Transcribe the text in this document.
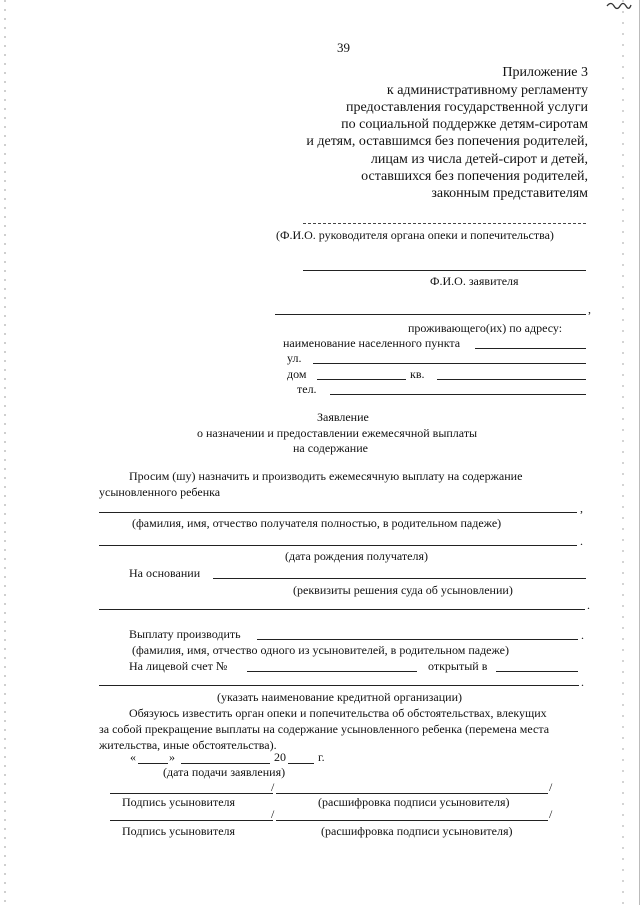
39
Приложение 3
к административному регламенту
предоставления государственной услуги
по социальной поддержке детям-сиротам
и детям, оставшимся без попечения родителей,
лицам из числа детей-сирот и детей,
оставшихся без попечения родителей,
законным представителям
(Ф.И.О. руководителя органа опеки и попечительства)
Ф.И.О. заявителя
,
проживающего(их) по адресу:
наименование населенного пункта
ул.
дом	кв.
тел.
Заявление
о назначении и предоставлении ежемесячной выплаты
на содержание
Просим (шу) назначить и производить ежемесячную выплату на содержание
усыновленного ребенка
,
(фамилия, имя, отчество получателя полностью, в родительном падеже)
.
(дата рождения получателя)
На основании
(реквизиты решения суда об усыновлении)
.
Выплату производить	.
(фамилия, имя, отчество одного из усыновителей, в родительном падеже)
На лицевой счет №	открытый в
.
(указать наименование кредитной организации)
Обязуюсь известить орган опеки и попечительства об обстоятельствах, влекущих
за собой прекращение выплаты на содержание усыновленного ребенка (перемена места
жительства, иные обстоятельства).
«	»	20	г.
(дата подачи заявления)
/	/
Подпись усыновителя	(расшифровка подписи усыновителя)
/	/
Подпись усыновителя	(расшифровка подписи усыновителя)
